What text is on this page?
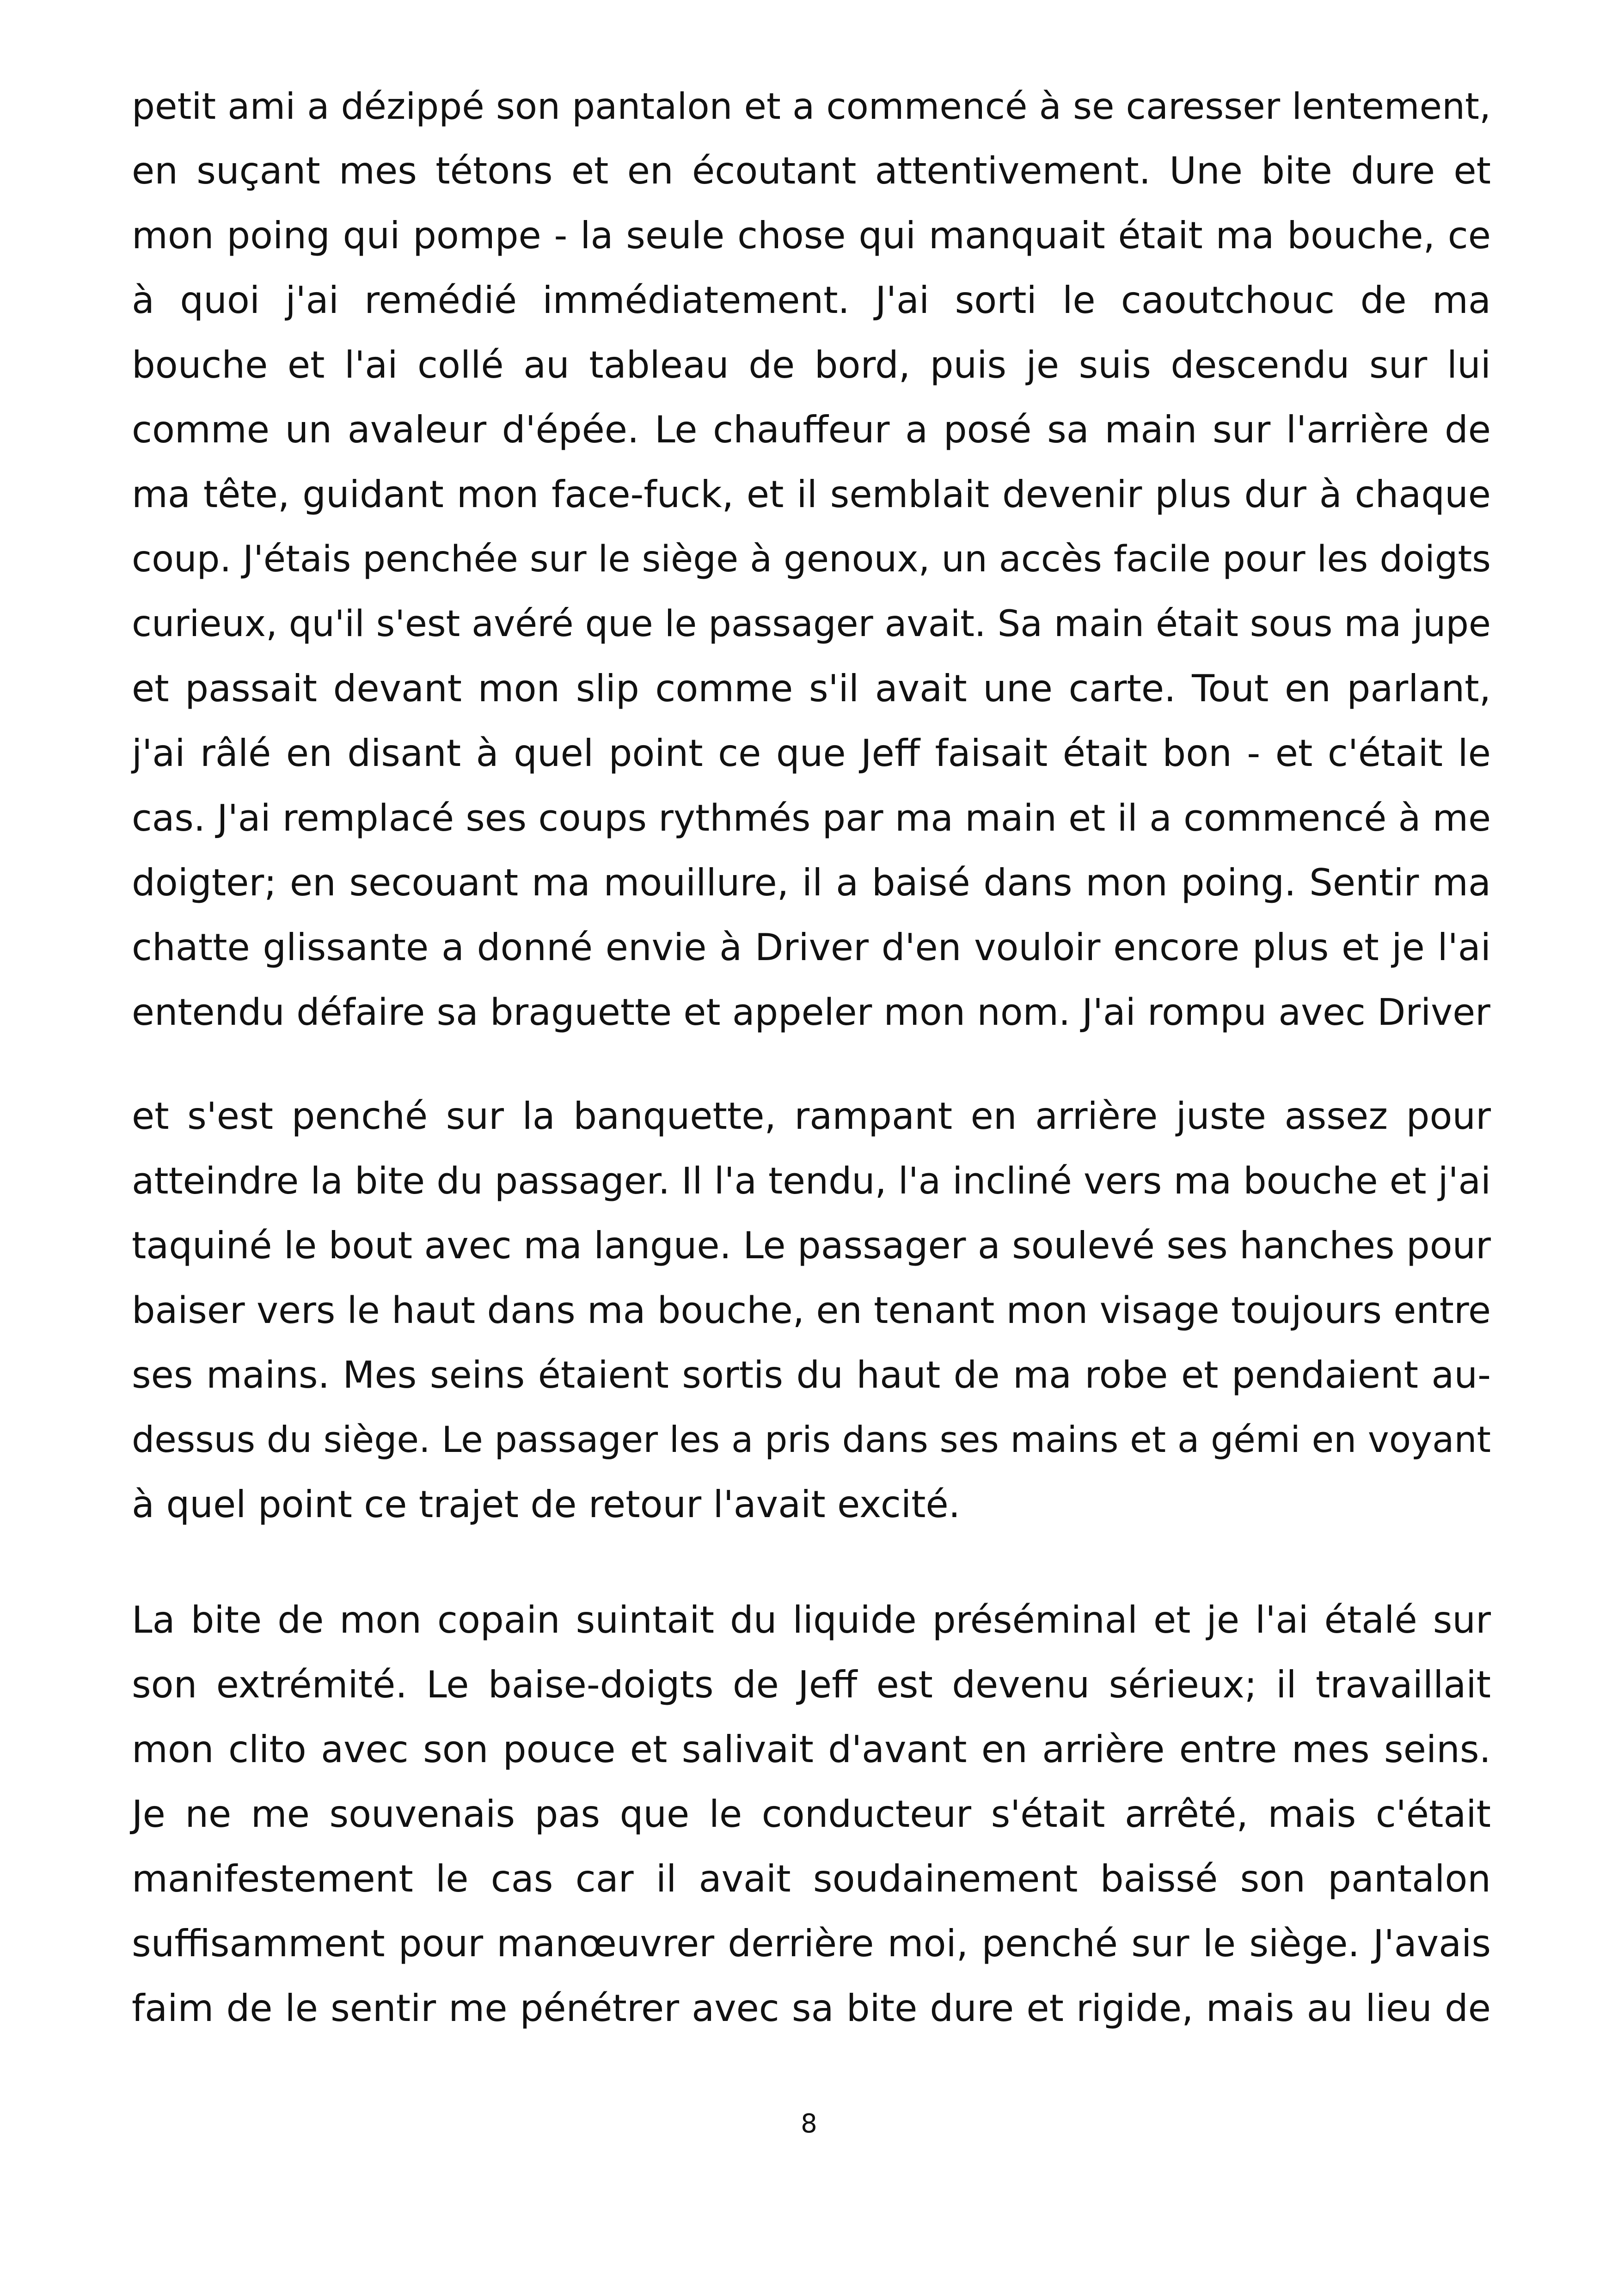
petit ami a dézippé son pantalon et a commencé à se caresser lentement,
en suçant mes tétons et en écoutant attentivement. Une bite dure et
mon poing qui pompe - la seule chose qui manquait était ma bouche, ce
à quoi j'ai remédié immédiatement. J'ai sorti le caoutchouc de ma
bouche et l'ai collé au tableau de bord, puis je suis descendu sur lui
comme un avaleur d'épée. Le chauffeur a posé sa main sur l'arrière de
ma tête, guidant mon face-fuck, et il semblait devenir plus dur à chaque
coup. J'étais penchée sur le siège à genoux, un accès facile pour les doigts
curieux, qu'il s'est avéré que le passager avait. Sa main était sous ma jupe
et passait devant mon slip comme s'il avait une carte. Tout en parlant,
j'ai râlé en disant à quel point ce que Jeff faisait était bon - et c'était le
cas. J'ai remplacé ses coups rythmés par ma main et il a commencé à me
doigter; en secouant ma mouillure, il a baisé dans mon poing. Sentir ma
chatte glissante a donné envie à Driver d'en vouloir encore plus et je l'ai
entendu défaire sa braguette et appeler mon nom. J'ai rompu avec Driver
et s'est penché sur la banquette, rampant en arrière juste assez pour
atteindre la bite du passager. Il l'a tendu, l'a incliné vers ma bouche et j'ai
taquiné le bout avec ma langue. Le passager a soulevé ses hanches pour
baiser vers le haut dans ma bouche, en tenant mon visage toujours entre
ses mains. Mes seins étaient sortis du haut de ma robe et pendaient au-
dessus du siège. Le passager les a pris dans ses mains et a gémi en voyant
à quel point ce trajet de retour l'avait excité.
La bite de mon copain suintait du liquide préséminal et je l'ai étalé sur
son extrémité. Le baise-doigts de Jeff est devenu sérieux; il travaillait
mon clito avec son pouce et salivait d'avant en arrière entre mes seins.
Je ne me souvenais pas que le conducteur s'était arrêté, mais c'était
manifestement le cas car il avait soudainement baissé son pantalon
suffisamment pour manœuvrer derrière moi, penché sur le siège. J'avais
faim de le sentir me pénétrer avec sa bite dure et rigide, mais au lieu de
8
